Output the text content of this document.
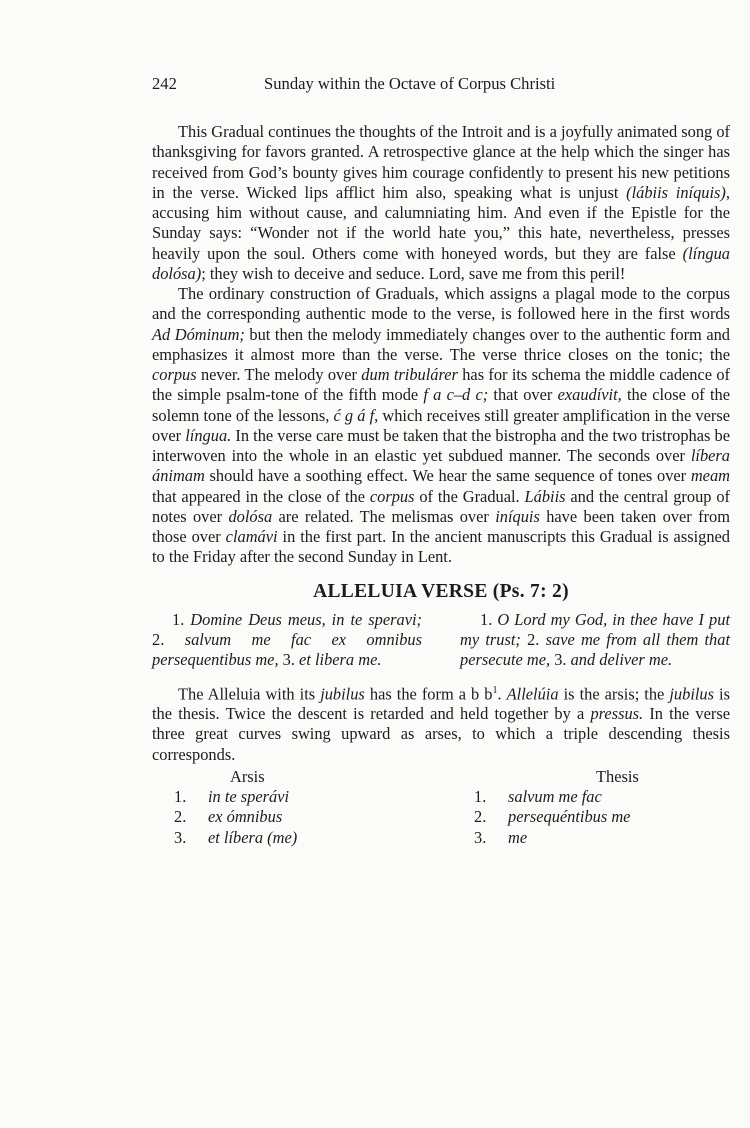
242	Sunday within the Octave of Corpus Christi

This Gradual continues the thoughts of the Introit and is a joyfully animated song of thanksgiving for favors granted. A retrospective glance at the help which the singer has received from God’s bounty gives him courage confidently to present his new petitions in the verse. Wicked lips afflict him also, speaking what is unjust (lábiis iníquis), accusing him without cause, and calumniating him. And even if the Epistle for the Sunday says: “Wonder not if the world hate you,” this hate, nevertheless, presses heavily upon the soul. Others come with honeyed words, but they are false (língua dolósa); they wish to deceive and seduce. Lord, save me from this peril!

The ordinary construction of Graduals, which assigns a plagal mode to the corpus and the corresponding authentic mode to the verse, is followed here in the first words Ad Dóminum; but then the melody immediately changes over to the authentic form and emphasizes it almost more than the verse. The verse thrice closes on the tonic; the corpus never. The melody over dum tribulárer has for its schema the middle cadence of the simple psalm-tone of the fifth mode f a c–d c; that over exaudívit, the close of the solemn tone of the lessons, ć g á f, which receives still greater amplification in the verse over língua. In the verse care must be taken that the bistropha and the two tristrophas be interwoven into the whole in an elastic yet subdued manner. The seconds over líbera ánimam should have a soothing effect. We hear the same sequence of tones over meam that appeared in the close of the corpus of the Gradual. Lábiis and the central group of notes over dolósa are related. The melismas over iníquis have been taken over from those over clamávi in the first part. In the ancient manuscripts this Gradual is assigned to the Friday after the second Sunday in Lent.

ALLELUIA VERSE (Ps. 7: 2)
1. Domine Deus meus, in te speravi; 2. salvum me fac ex omnibus persequentibus me, 3. et libera me.
1. O Lord my God, in thee have I put my trust; 2. save me from all them that persecute me, 3. and deliver me.

The Alleluia with its jubilus has the form a b $b^1$. Allelúia is the arsis; the jubilus is the thesis. Twice the descent is retarded and held together by a pressus. In the verse three great curves swing upward as arses, to which a triple descending thesis corresponds.

Arsis	Thesis
1.	in te sperávi	1.	salvum me fac
2.	ex ómnibus	2.	persequéntibus me
3.	et líbera (me)	3.	me
